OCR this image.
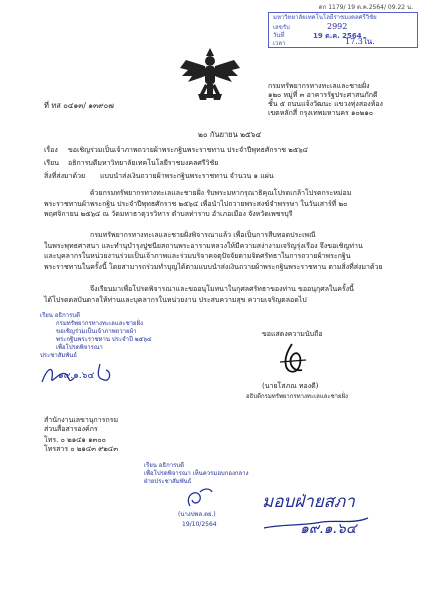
ดก 1179/ 19 ต.ค.2564/ 09.22 น.
มหาวิทยาลัยเทคโนโลยีราชมงคลศรีวิชัย
เลขรับ	2992
วันที่	19 ต.ค. 2564
เวลา	17.3ใน.
ที่ ทส ๐๔๑๓/ ๑๓๙๐๗
กรมทรัพยากรทางทะเลและชายฝั่ง
๑๒๐ หมู่ที่ ๓ อาคารรัฐประศาสนภักดี
ชั้น ๕ ถนนแจ้งวัฒนะ แขวงทุ่งสองห้อง
เขตหลักสี่ กรุงเทพมหานคร ๑๐๒๑๐
๒๐ กันยายน ๒๕๖๔
เรื่อง ขอเชิญร่วมเป็นเจ้าภาพถวายผ้าพระกฐินพระราชทาน ประจำปีพุทธศักราช ๒๕๖๔
เรียน อธิการบดีมหาวิทยาลัยเทคโนโลยีราชมงคลศรีวิชัย
สิ่งที่ส่งมาด้วย แบบนำส่งเงินถวายผ้าพระกฐินพระราชทาน จำนวน ๑ แผ่น
ด้วยกรมทรัพยากรทางทะเลและชายฝั่ง รับพระมหากรุณาธิคุณโปรดเกล้าโปรดกระหม่อม
พระราชทานผ้าพระกฐิน ประจำปีพุทธศักราช ๒๕๖๔ เพื่อนำไปถวายพระสงฆ์จำพรรษา ในวันเสาร์ที่ ๒๐
พฤศจิกายน ๒๕๖๔ ณ วัดมหาธาตุวรวิหาร ตำบลท่าราบ อำเภอเมือง จังหวัดเพชรบุรี
กรมทรัพยากรทางทะเลและชายฝั่งพิจารณาแล้ว เพื่อเป็นการสืบทอดประเพณี
ในพระพุทธศาสนา และทำนุบำรุงปูชนียสถานพระอารามหลวงให้มีความสง่างามเจริญรุ่งเรือง จึงขอเชิญท่าน
และบุคลากรในหน่วยงานร่วมเป็นเจ้าภาพและร่วมบริจาคจตุปัจจัยตามจิตศรัทธาในการถวายผ้าพระกฐิน
พระราชทานในครั้งนี้ โดยสามารถร่วมทำบุญได้ตามแบบนำส่งเงินถวายผ้าพระกฐินพระราชทาน ตามสิ่งที่ส่งมาด้วย
จึงเรียนมาเพื่อโปรดพิจารณาและขออนุโมทนาในกุศลศรัทธาของท่าน ขออนุกุศลในครั้งนี้
ได้โปรดดลบันดาลให้ท่านและบุคลากรในหน่วยงาน ประสบความสุข ความเจริญตลอดไป
เรียน อธิการบดี
กรมทรัพยากรทางทะเลและชายฝั่ง
ขอเชิญร่วมเป็นเจ้าภาพถวายผ้า
พระกฐินพระราชทาน ประจำปี ๒๕๖๔
เพื่อโปรดพิจารณา
ประชาสัมพันธ์
๑๙.๑.๖๔
ขอแสดงความนับถือ
(นายโสภณ ทองดี)
อธิบดีกรมทรัพยากรทางทะเลและชายฝั่ง
สำนักงานเลขานุการกรม
ส่วนสื่อสารองค์กร
โทร. ๐ ๒๑๔๑ ๑๓๐๐
โทรสาร ๐ ๒๑๔๓ ๙๒๔๓
เรียน อธิการบดี
เพื่อโปรดพิจารณา เห็นควรมอบกองกลาง
ฝ่ายประชาสัมพันธ์
(นางปพล.ตย.)
19/10/2564
มอบฝ่ายสภา
๑๙.๑.๖๔
